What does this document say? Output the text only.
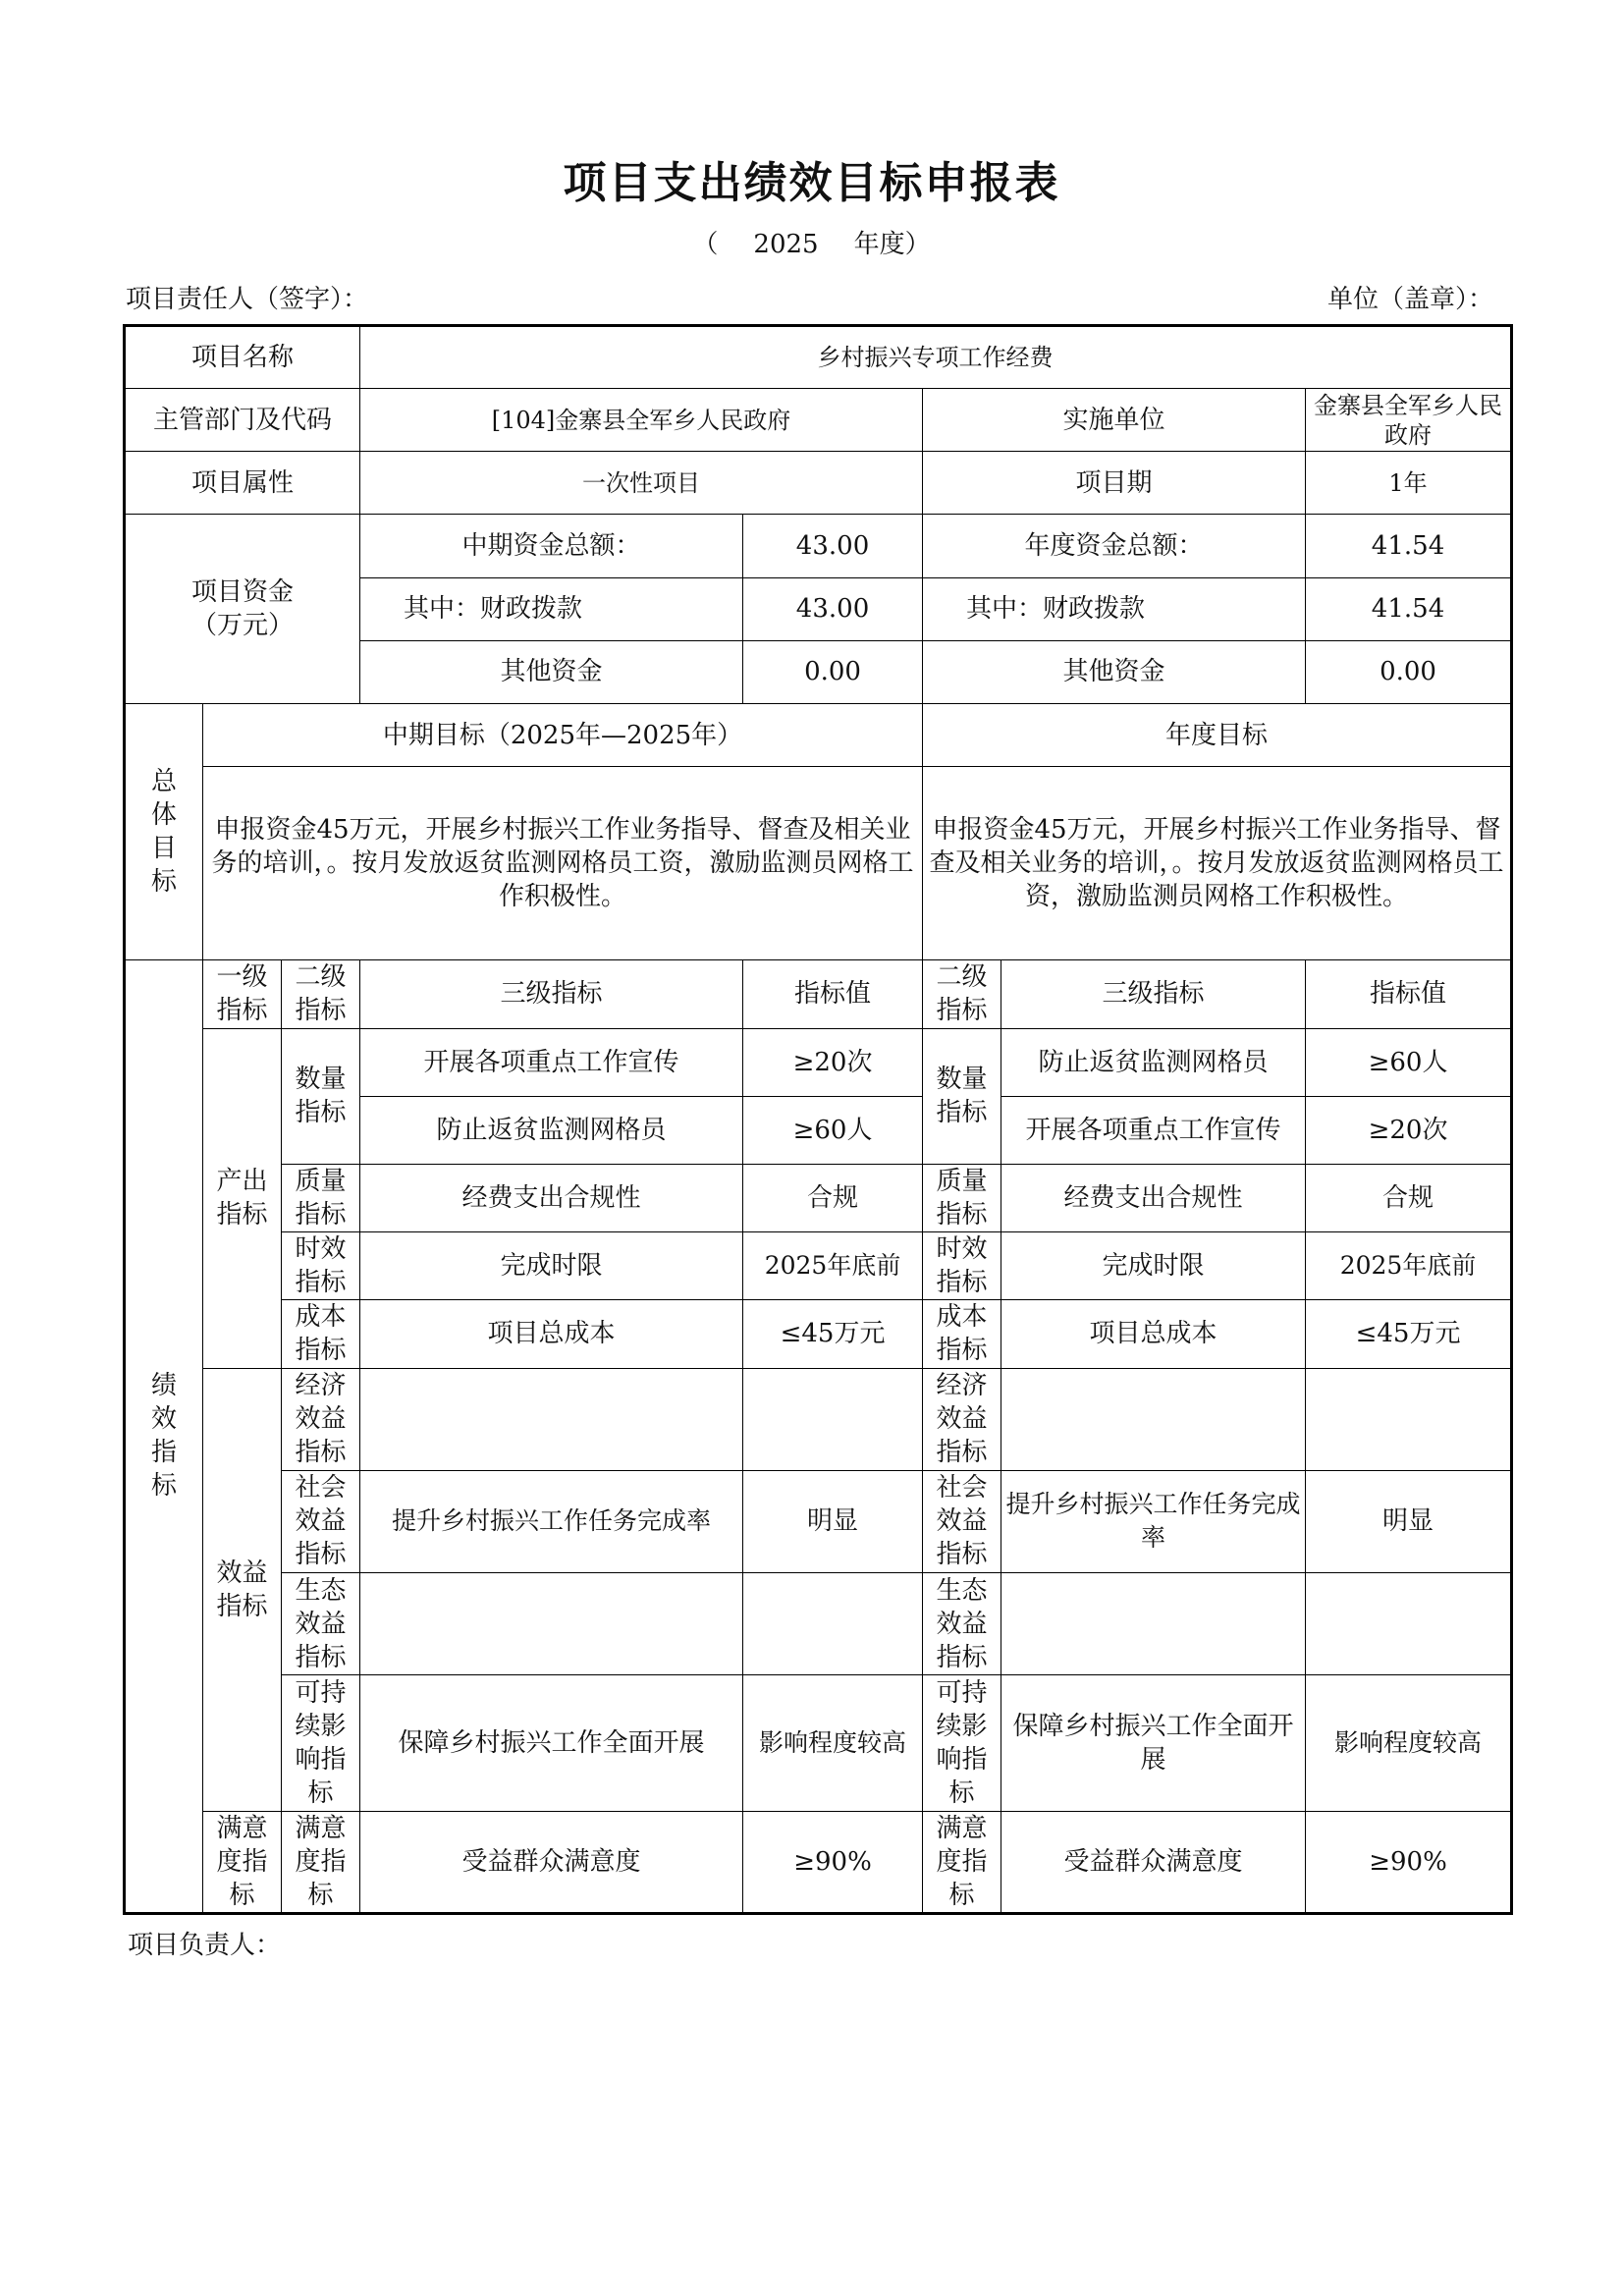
项目支出绩效目标申报表
（ 2025 年度）
项目责任人（签字）：	单位（盖章）：
项目名称			乡村振兴专项工作经费				
主管部门及代码			[104]金寨县全军乡人民政府		实施单位		金寨县全军乡人民政府
项目属性			一次性项目		项目期		1年
项目资金（万元）			中期资金总额：	43.00	年度资金总额：		41.54
			其中：财政拨款	43.00	其中：财政拨款		41.54
			其他资金	0.00	其他资金		0.00
总体目标	中期目标（2025年—2025年）				年度目标		
	申报资金45万元，开展乡村振兴工作业务指导、督查及相关业务的培训，。按月发放返贫监测网格员工资，激励监测员网格工作积极性。				申报资金45万元，开展乡村振兴工作业务指导、督查及相关业务的培训，。按月发放返贫监测网格员工资，激励监测员网格工作积极性。		
绩效指标	一级指标	二级指标	三级指标	指标值	二级指标	三级指标	指标值
	产出指标	数量指标	开展各项重点工作宣传	≥20次	数量指标	防止返贫监测网格员	≥60人
			防止返贫监测网格员	≥60人		开展各项重点工作宣传	≥20次
		质量指标	经费支出合规性	合规	质量指标	经费支出合规性	合规
		时效指标	完成时限	2025年底前	时效指标	完成时限	2025年底前
		成本指标	项目总成本	≤45万元	成本指标	项目总成本	≤45万元
	效益指标	经济效益指标			经济效益指标		
		社会效益指标	提升乡村振兴工作任务完成率	明显	社会效益指标	提升乡村振兴工作任务完成率	明显
		生态效益指标			生态效益指标		
		可持续影响指标	保障乡村振兴工作全面开展	影响程度较高	可持续影响指标	保障乡村振兴工作全面开展	影响程度较高
	满意度指标	满意度指标	受益群众满意度	≥90%	满意度指标	受益群众满意度	≥90%
项目负责人：
